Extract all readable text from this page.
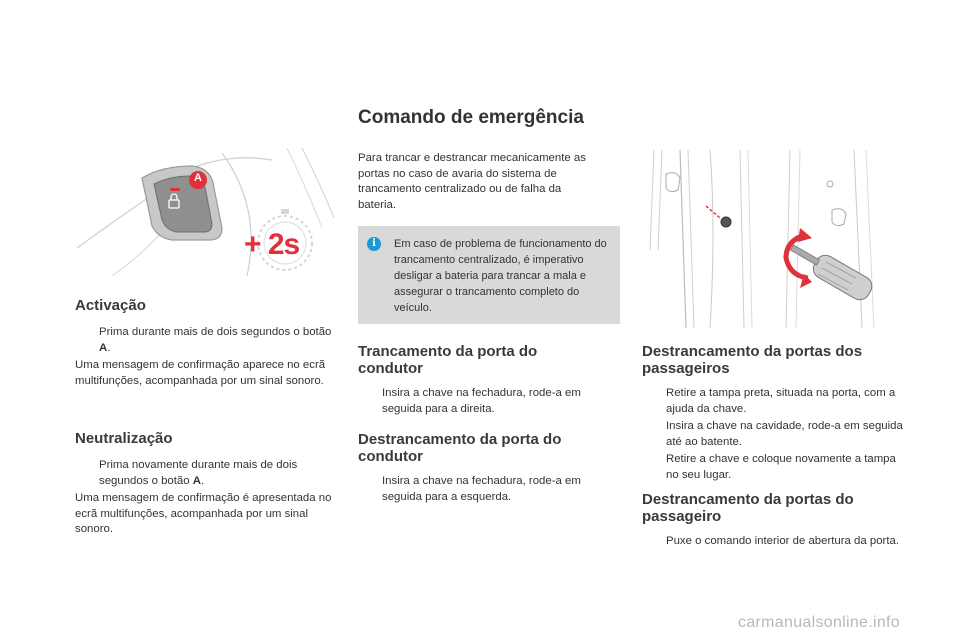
A
+ 2s
Activação
Prima durante mais de dois segundos o botão A.

Uma mensagem de confirmação aparece no ecrã multifunções, acompanhada por um sinal sonoro.

Neutralização
Prima novamente durante mais de dois segundos o botão A.

Uma mensagem de confirmação é apresentada no ecrã multifunções, acompanhada por um sinal sonoro.

Comando de emergência

Para trancar e destrancar mecanicamente as portas no caso de avaria do sistema de trancamento centralizado ou de falha da bateria.

i	Em caso de problema de funcionamento do trancamento centralizado, é imperativo desligar a bateria para trancar a mala e assegurar o trancamento completo do veículo.

Trancamento da porta do condutor
Insira a chave na fechadura, rode-a em seguida para a direita.
Destrancamento da porta do condutor
Insira a chave na fechadura, rode-a em seguida para a esquerda.
Destrancamento da portas dos passageiros
Retire a tampa preta, situada na porta, com a ajuda da chave.
Insira a chave na cavidade, rode-a em seguida até ao batente.
Retire a chave e coloque novamente a tampa no seu lugar.
Destrancamento da portas do passageiro
Puxe o comando interior de abertura da porta.
carmanualsonline.info
